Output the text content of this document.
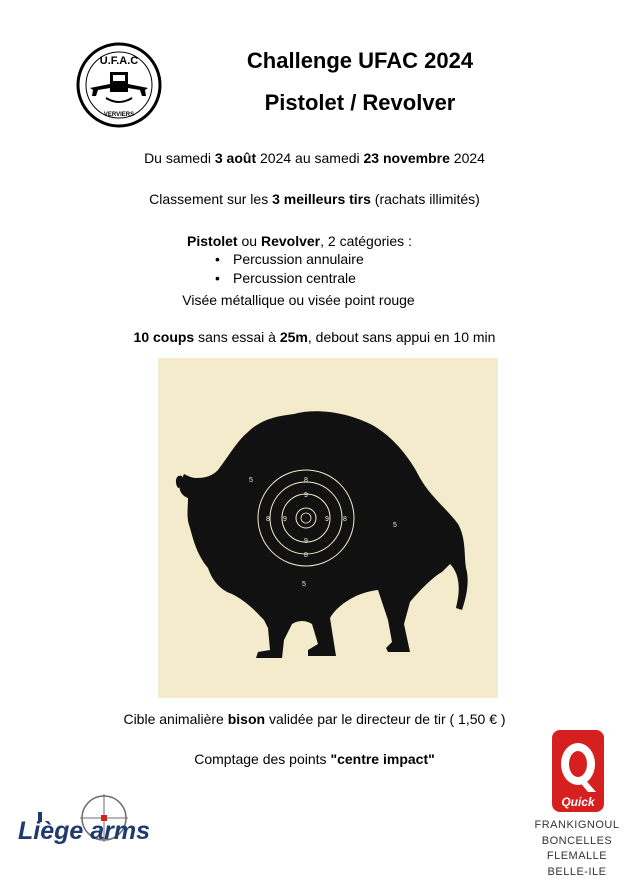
U.F.A.C
VERVIERS
Challenge UFAC 2024
Pistolet / Revolver
Du samedi 3 août 2024 au samedi 23 novembre 2024
Classement sur les 3 meilleurs tirs (rachats illimités)
Pistolet ou Revolver, 2 catégories :
• Percussion annulaire
• Percussion centrale
Visée métallique ou visée point rouge
10 coups sans essai à 25m, debout sans appui en 10 min
5	8
9
9
8	8
9
9
8
5
5
Cible animalière bison validée par le directeur de tir ( 1,50 € )
Comptage des points "centre impact"
Liège arms
Quick
FRANKIGNOUL
BONCELLES
FLEMALLE
BELLE-ILE
